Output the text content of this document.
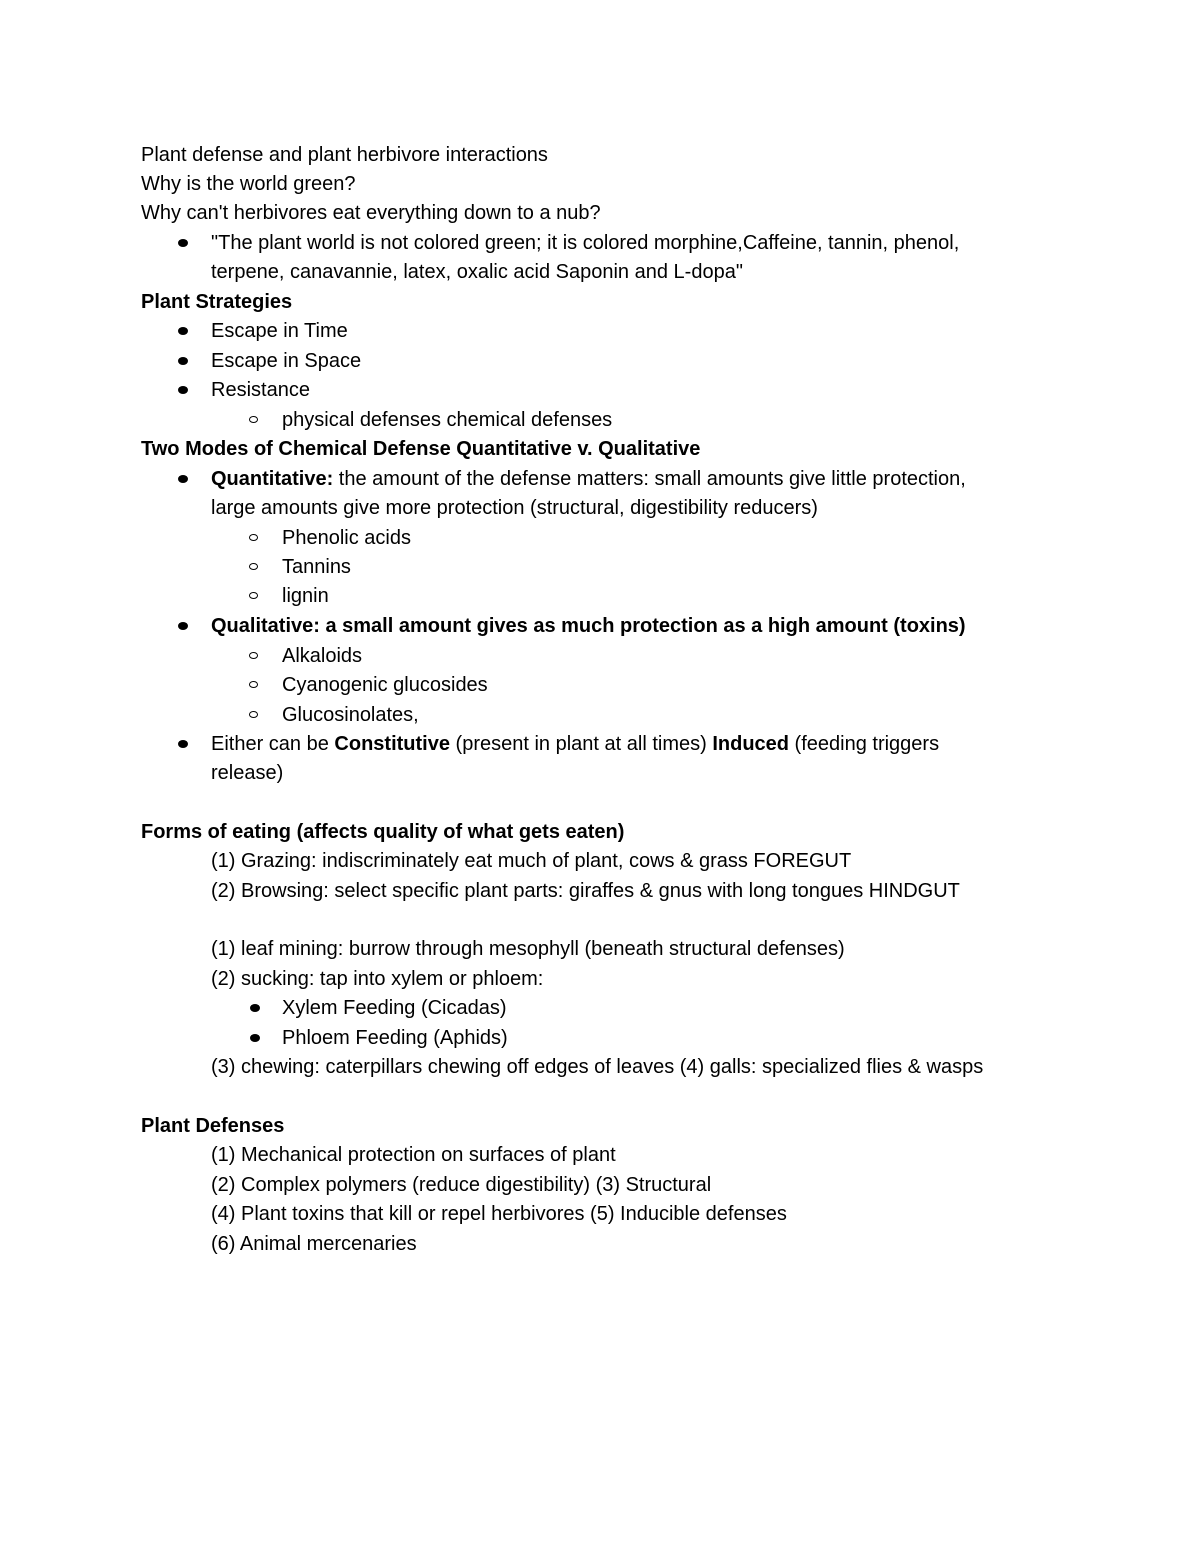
Plant defense and plant herbivore interactions
Why is the world green?
Why can't herbivores eat everything down to a nub?
"The plant world is not colored green; it is colored morphine,Caffeine, tannin, phenol,
terpene, canavannie, latex, oxalic acid Saponin and L-dopa"
Plant Strategies
Escape in Time
Escape in Space
Resistance
physical defenses chemical defenses
Two Modes of Chemical Defense Quantitative v. Qualitative
Quantitative: the amount of the defense matters: small amounts give little protection,
large amounts give more protection (structural, digestibility reducers)
Phenolic acids
Tannins
lignin
Qualitative: a small amount gives as much protection as a high amount (toxins)
Alkaloids
Cyanogenic glucosides
Glucosinolates,
Either can be Constitutive (present in plant at all times) Induced (feeding triggers
release)
Forms of eating (affects quality of what gets eaten)
(1) Grazing: indiscriminately eat much of plant, cows & grass FOREGUT
(2) Browsing: select specific plant parts: giraffes & gnus with long tongues HINDGUT
(1) leaf mining: burrow through mesophyll (beneath structural defenses)
(2) sucking: tap into xylem or phloem:
Xylem Feeding (Cicadas)
Phloem Feeding (Aphids)
(3) chewing: caterpillars chewing off edges of leaves (4) galls: specialized flies & wasps
Plant Defenses
(1) Mechanical protection on surfaces of plant
(2) Complex polymers (reduce digestibility) (3) Structural
(4) Plant toxins that kill or repel herbivores (5) Inducible defenses
(6) Animal mercenaries
